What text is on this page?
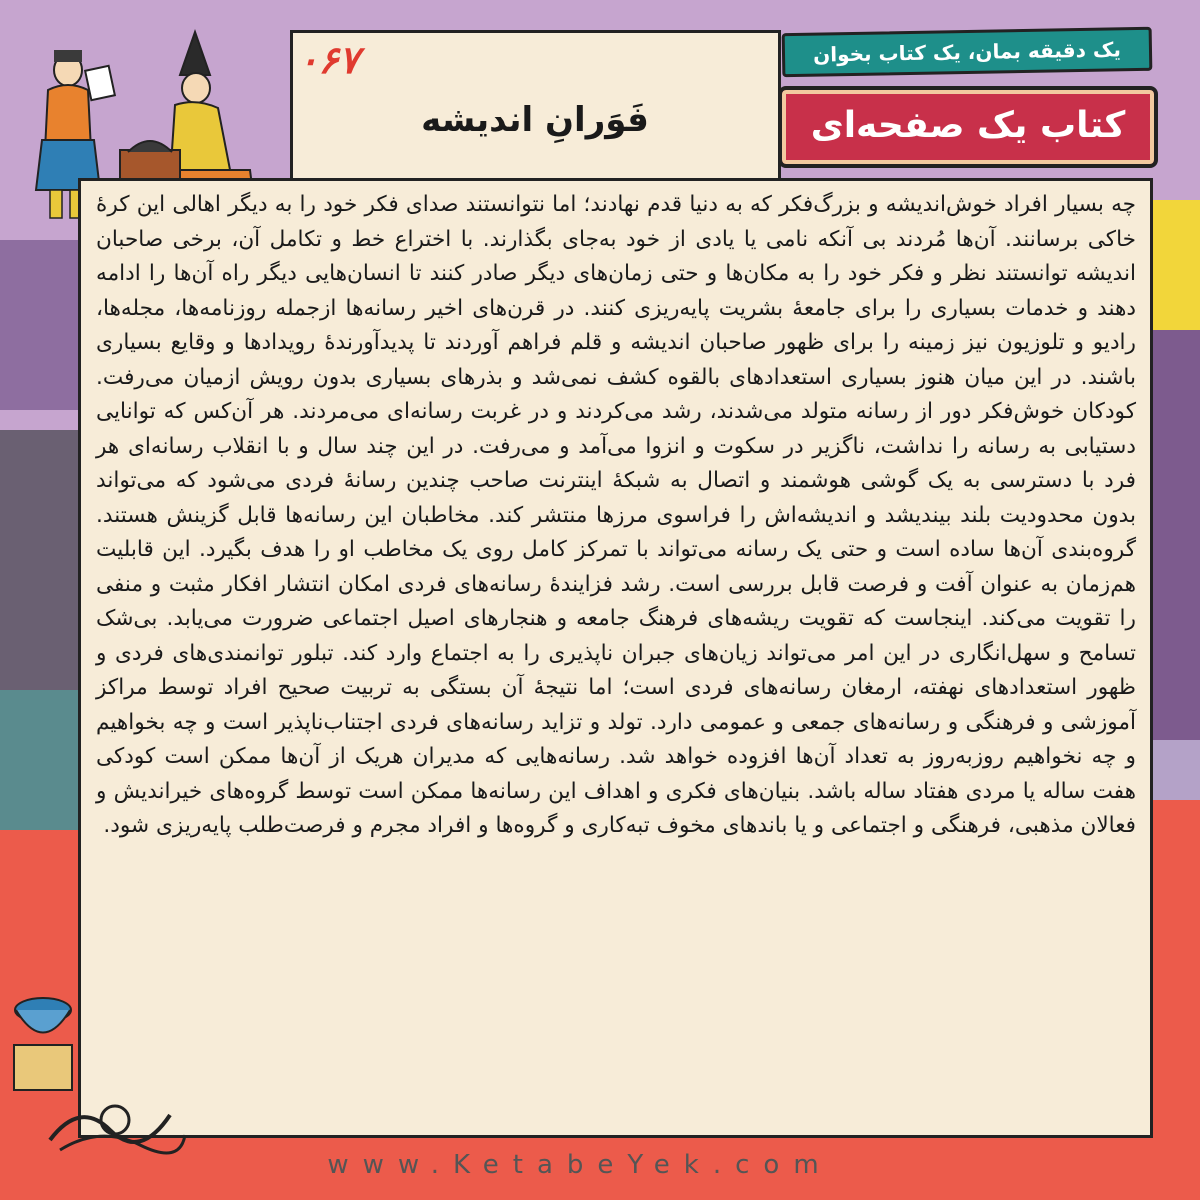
۰۶۷
فَوَرانِ اندیشه
یک دقیقه بمان، یک کتاب بخوان
کتاب یک صفحه‌ای

چه بسیار افراد خوش‌اندیشه و بزرگ‌فکر که به دنیا قدم نهادند؛ اما نتوانستند صدای فکر خود را به دیگر اهالی این کرهٔ خاکی برسانند. آن‌ها مُردند بی آنکه نامی یا یادی از خود به‌جای بگذارند. با اختراع خط و تکامل آن، برخی صاحبان اندیشه توانستند نظر و فکر خود را به مکان‌ها و حتی زمان‌های دیگر صادر کنند تا انسان‌هایی دیگر راه آن‌ها را ادامه دهند و خدمات بسیاری را برای جامعهٔ بشریت پایه‌ریزی کنند. در قرن‌های اخیر رسانه‌ها ازجمله روزنامه‌ها، مجله‌ها، رادیو و تلوزیون نیز زمینه را برای ظهور صاحبان اندیشه و قلم فراهم آوردند تا پدیدآورندهٔ رویدادها و وقایع بسیاری باشند. در این میان هنوز بسیاری استعدادهای بالقوه کشف نمی‌شد و بذرهای بسیاری بدون رویش ازمیان می‌رفت. کودکان خوش‌فکر دور از رسانه متولد می‌شدند، رشد می‌کردند و در غربت رسانه‌ای می‌مردند. هر آن‌کس که توانایی دستیابی به رسانه را نداشت، ناگزیر در سکوت و انزوا می‌آمد و می‌رفت. در این چند سال و با انقلاب رسانه‌ای هر فرد با دسترسی به یک گوشی هوشمند و اتصال به شبکهٔ اینترنت صاحب چندین رسانهٔ فردی می‌شود که می‌تواند بدون محدودیت بلند بیندیشد و اندیشه‌اش را فراسوی مرزها منتشر کند. مخاطبان این رسانه‌ها قابل گزینش هستند. گروه‌بندی آن‌ها ساده است و حتی یک رسانه می‌تواند با تمرکز کامل روی یک مخاطب او را هدف بگیرد. این قابلیت هم‌زمان به عنوان آفت و فرصت قابل بررسی است. رشد فزایندهٔ رسانه‌های فردی امکان انتشار افکار مثبت و منفی را تقویت می‌کند. اینجاست که تقویت ریشه‌های فرهنگ جامعه و هنجارهای اصیل اجتماعی ضرورت می‌یابد. بی‌شک تسامح و سهل‌انگاری در این امر می‌تواند زیان‌های جبران ناپذیری را به اجتماع وارد کند. تبلور توانمندی‌های فردی و ظهور استعدادهای نهفته، ارمغان رسانه‌های فردی است؛ اما نتیجهٔ آن بستگی به تربیت صحیح افراد توسط مراکز آموزشی و فرهنگی و رسانه‌های جمعی و عمومی دارد. تولد و تزاید رسانه‌های فردی اجتناب‌ناپذیر است و چه بخواهیم و چه نخواهیم روزبه‌روز به تعداد آن‌ها افزوده خواهد شد. رسانه‌هایی که مدیران هریک از آن‌ها ممکن است کودکی هفت ساله یا مردی هفتاد ساله باشد. بنیان‌های فکری و اهداف این رسانه‌ها ممکن است توسط گروه‌های خیراندیش و فعالان مذهبی، فرهنگی و اجتماعی و یا باندهای مخوف تبه‌کاری و گروه‌ها و افراد مجرم و فرصت‌طلب پایه‌ریزی شود.

www.KetabeYek.com
